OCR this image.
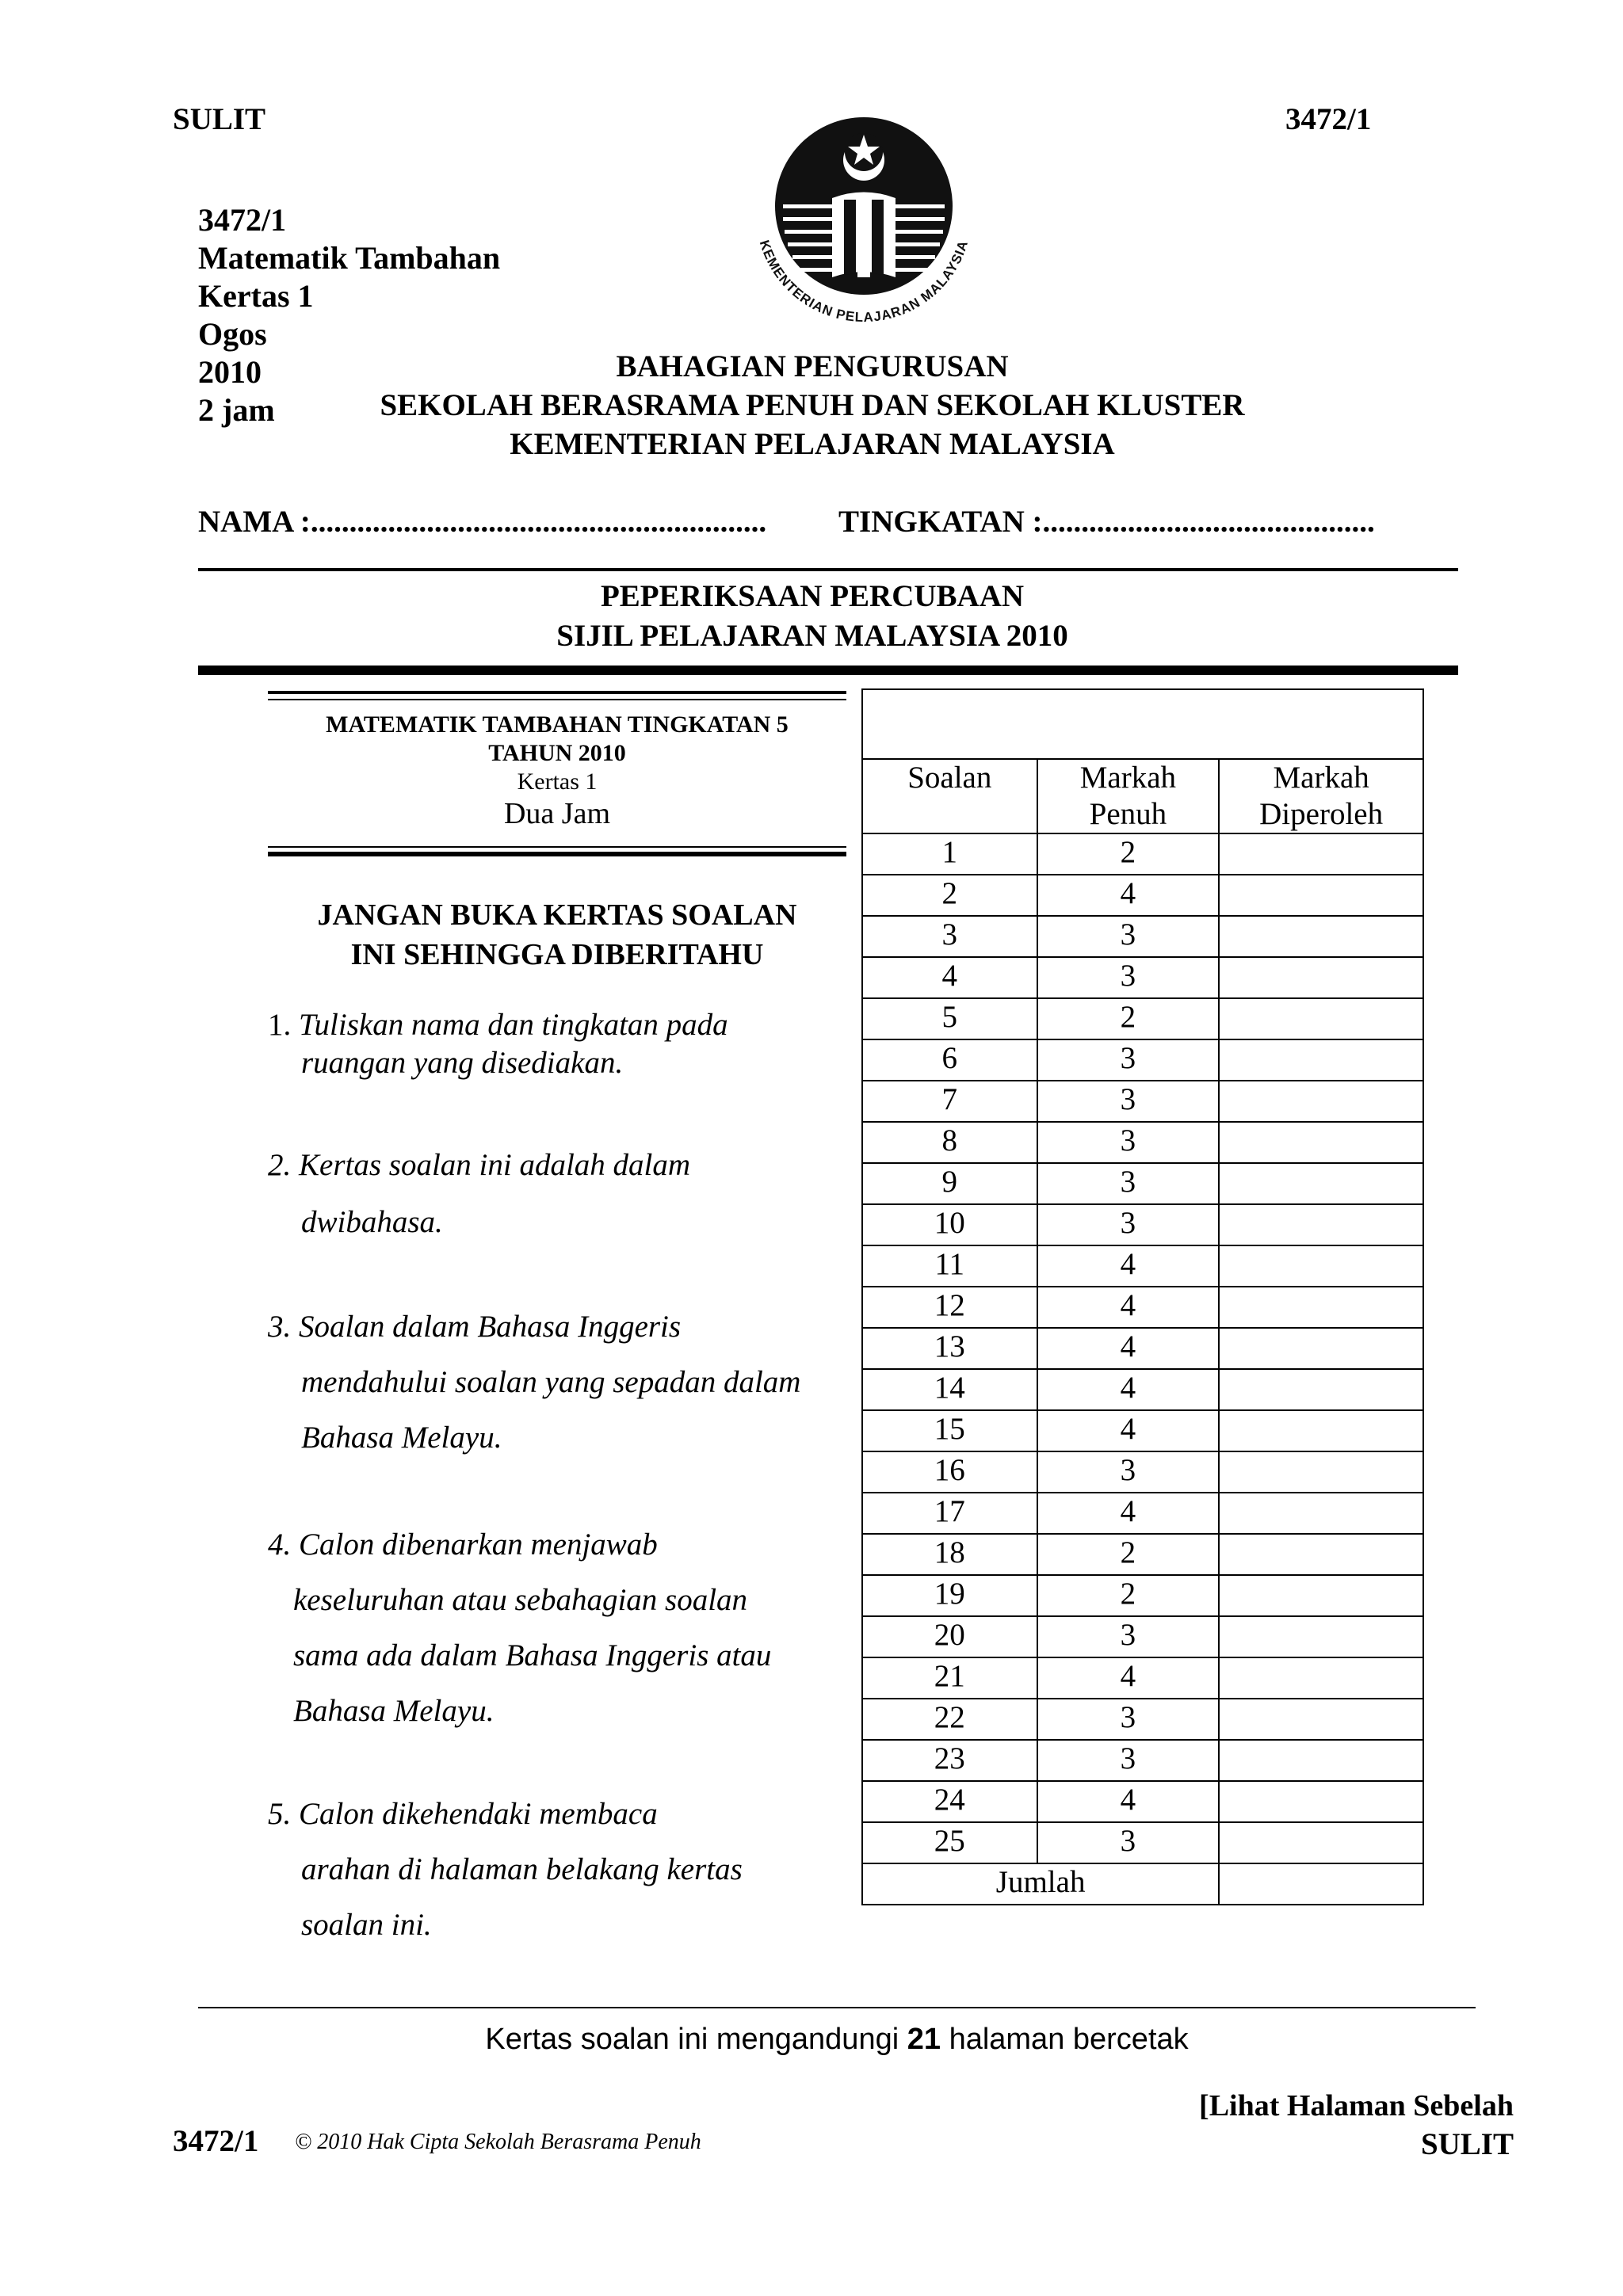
SULIT	3472/1
3472/1
Matematik Tambahan
Kertas 1
Ogos
2010
2 jam
KEMENTERIAN PELAJARAN MALAYSIA
BAHAGIAN PENGURUSAN
SEKOLAH BERASRAMA PENUH DAN SEKOLAH KLUSTER
KEMENTERIAN PELAJARAN MALAYSIA
NAMA :........................................................... TINGKATAN :...........................................
PEPERIKSAAN PERCUBAAN
SIJIL PELAJARAN MALAYSIA 2010
MATEMATIK TAMBAHAN TINGKATAN 5
TAHUN 2010
Kertas 1
Dua Jam
JANGAN BUKA KERTAS SOALAN
INI SEHINGGA DIBERITAHU
1. Tuliskan nama dan tingkatan pada
ruangan yang disediakan.
2. Kertas soalan ini adalah dalam
dwibahasa.
3. Soalan dalam Bahasa Inggeris
mendahului soalan yang sepadan dalam
Bahasa Melayu.
4. Calon dibenarkan menjawab
keseluruhan atau sebahagian soalan
sama ada dalam Bahasa Inggeris atau
Bahasa Melayu.
5. Calon dikehendaki membaca
arahan di halaman belakang kertas
soalan ini.

Soalan	Markah Penuh	Markah Diperoleh
1	2	
2	4	
3	3	
4	3	
5	2	
6	3	
7	3	
8	3	
9	3	
10	3	
11	4	
12	4	
13	4	
14	4	
15	4	
16	3	
17	4	
18	2	
19	2	
20	3	
21	4	
22	3	
23	3	
24	4	
25	3	
Jumlah		
Kertas soalan ini mengandungi 21 halaman bercetak
[Lihat Halaman Sebelah
3472/1 © 2010 Hak Cipta Sekolah Berasrama Penuh	SULIT
